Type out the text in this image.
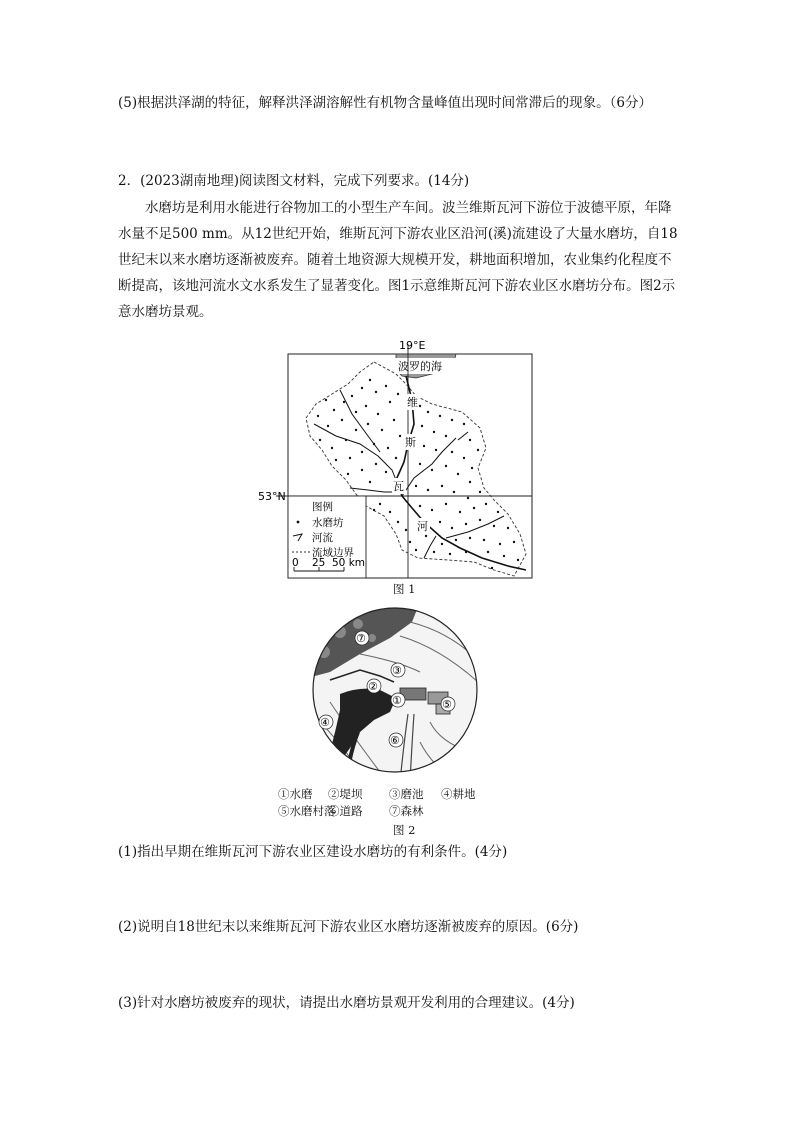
(5)根据洪泽湖的特征，解释洪泽湖溶解性有机物含量峰值出现时间常滞后的现象。（6分）
2．(2023湖南地理)阅读图文材料，完成下列要求。(14分)

水磨坊是利用水能进行谷物加工的小型生产车间。波兰维斯瓦河下游位于波德平原，年降水量不足500 mm。从12世纪开始，维斯瓦河下游农业区沿河(溪)流建设了大量水磨坊，自18世纪末以来水磨坊逐渐被废弃。随着土地资源大规模开发，耕地面积增加，农业集约化程度不断提高，该地河流水文水系发生了显著变化。图1示意维斯瓦河下游农业区水磨坊分布。图2示意水磨坊景观。

波罗的海
19°E
53°N
维
斯
瓦
河
图例
水磨坊
河流
流域边界
0 25 50 km
图 1
⑦
③
②
①	⑤
④
⑥
①水磨 ②堤坝 ③磨池 ④耕地
⑤水磨村落
⑥道路 ⑦森林
图 2
(1)指出早期在维斯瓦河下游农业区建设水磨坊的有利条件。(4分)
(2)说明自18世纪末以来维斯瓦河下游农业区水磨坊逐渐被废弃的原因。(6分)
(3)针对水磨坊被废弃的现状，请提出水磨坊景观开发利用的合理建议。(4分)
